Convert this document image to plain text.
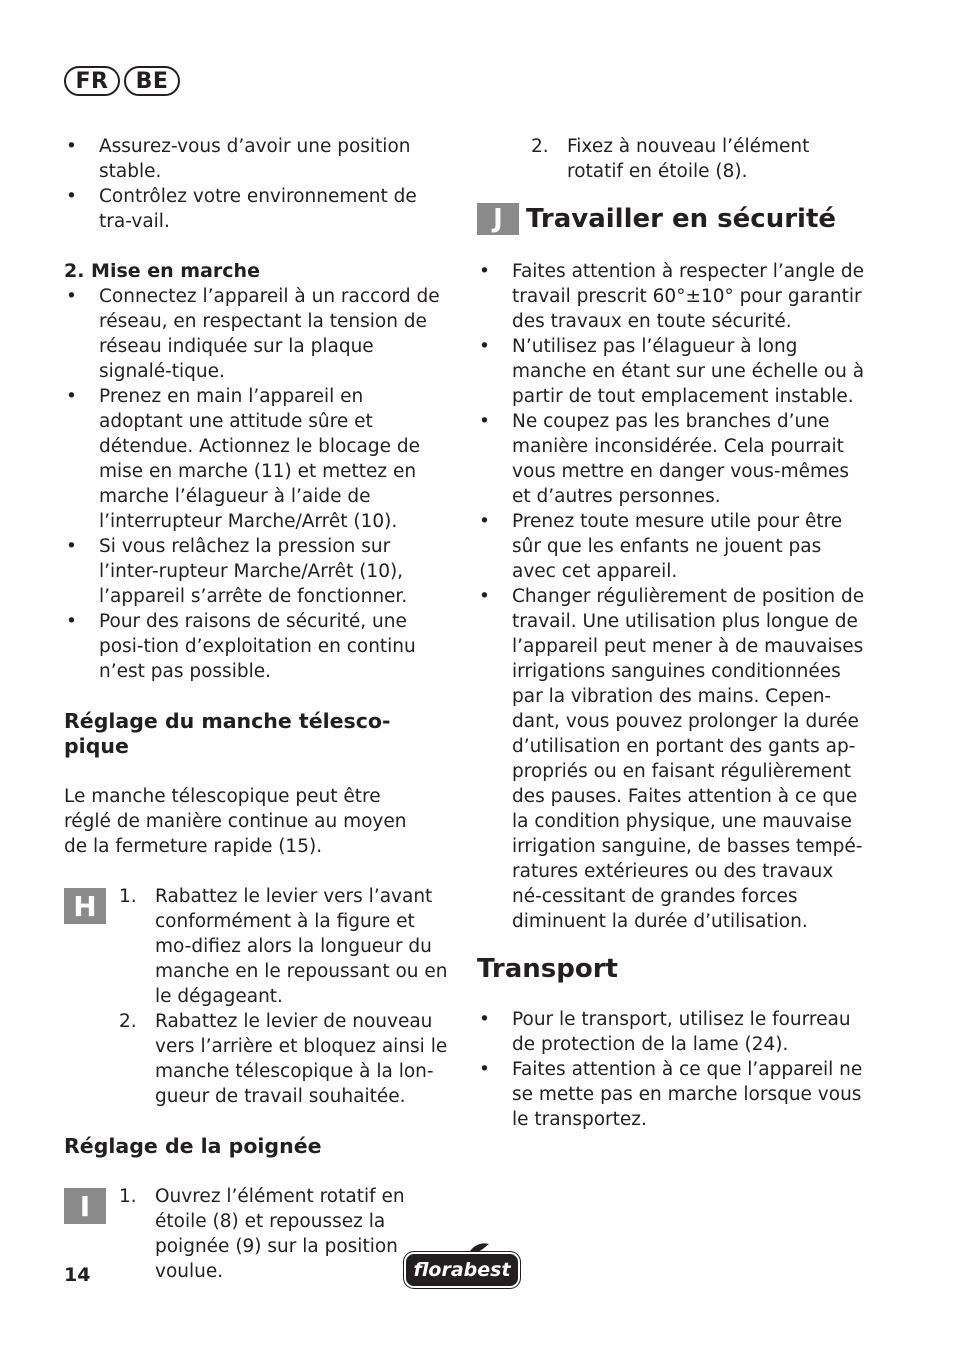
FR	BE
• Assurez-vous d’avoir une position stable.
• Contrôlez votre environnement de tra-vail.

2. Mise en marche

• Connectez l’appareil à un raccord de réseau, en respectant la tension de réseau indiquée sur la plaque signalé-tique.
• Prenez en main l’appareil en adoptant une attitude sûre et détendue. Actionnez le blocage de mise en marche (11) et mettez en marche l’élagueur à l’aide de l’interrupteur Marche/Arrêt (10).
• Si vous relâchez la pression sur l’inter-rupteur Marche/Arrêt (10), l’appareil s’arrête de fonctionner.
• Pour des raisons de sécurité, une posi-tion d’exploitation en continu n’est pas possible.

Réglage du manche télesco-pique

Le manche télescopique peut être réglé de manière continue au moyen de la fermeture rapide (15).

H	1. Rabattez le levier vers l’avant conformément à la figure et mo-difiez alors la longueur du manche en le repoussant ou en le dégageant.
2. Rabattez le levier de nouveau vers l’arrière et bloquez ainsi le manche télescopique à la lon-gueur de travail souhaitée.

Réglage de la poignée

I	1. Ouvrez l’élément rotatif en étoile (8) et repoussez la poignée (9) sur la position voulue.
2. Fixez à nouveau l’élément rotatif en étoile (8).
J Travailler en sécurité
• Faites attention à respecter l’angle de travail prescrit 60°±10° pour garantir des travaux en toute sécurité.
• N’utilisez pas l’élagueur à long manche en étant sur une échelle ou à partir de tout emplacement instable.
• Ne coupez pas les branches d’une manière inconsidérée. Cela pourrait vous mettre en danger vous-mêmes et d’autres personnes.
• Prenez toute mesure utile pour être sûr que les enfants ne jouent pas avec cet appareil.
• Changer régulièrement de position de travail. Une utilisation plus longue de l’appareil peut mener à de mauvaises irrigations sanguines conditionnées par la vibration des mains. Cepen-dant, vous pouvez prolonger la durée d’utilisation en portant des gants ap-propriés ou en faisant régulièrement des pauses. Faites attention à ce que la condition physique, une mauvaise irrigation sanguine, de basses tempé-ratures extérieures ou des travaux né-cessitant de grandes forces diminuent la durée d’utilisation.

Transport

• Pour le transport, utilisez le fourreau de protection de la lame (24).
• Faites attention à ce que l’appareil ne se mette pas en marche lorsque vous le transportez.
14	florabest
